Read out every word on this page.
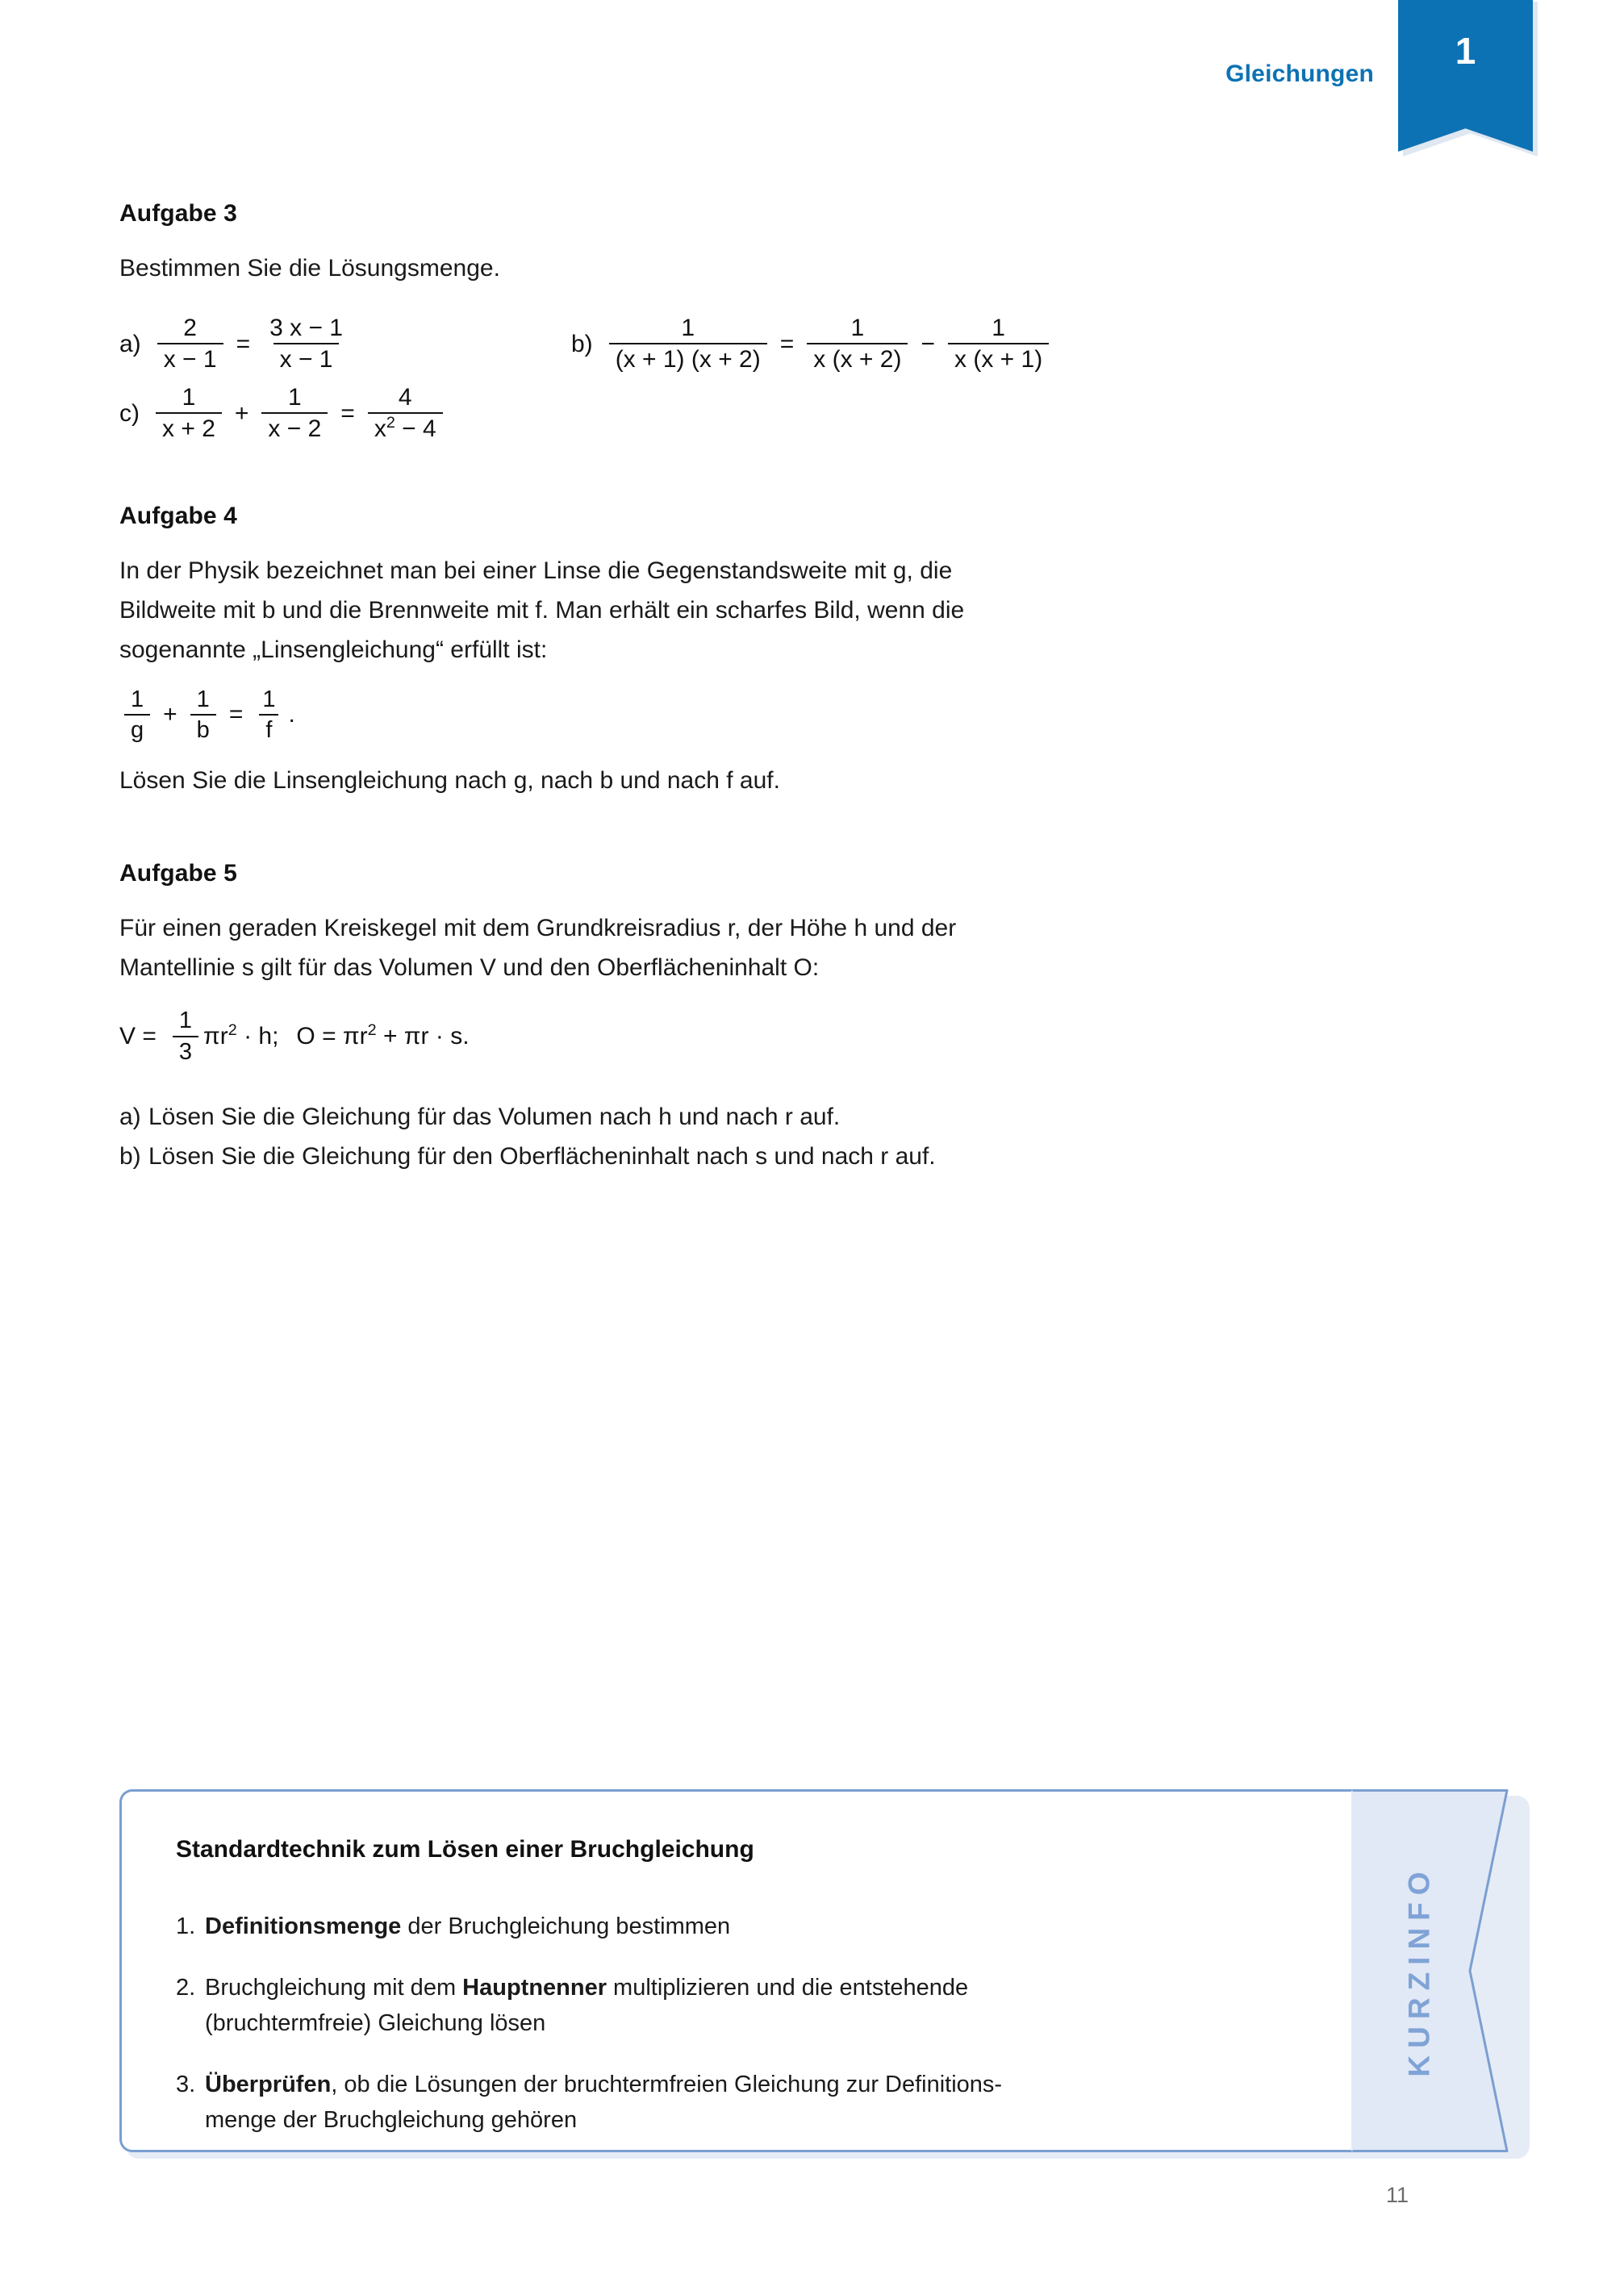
Gleichungen
1
Aufgabe 3

Bestimmen Sie die Lösungsmenge.

$a) \frac{2}{x - 1} = \frac{3 x - 1}{x - 1}$	$b) \frac{1}{(x + 1) (x + 2)} = \frac{1}{x (x + 2)} - \frac{1}{x (x + 1)}$
$c) \frac{1}{x + 2} + \frac{1}{x - 2} = \frac{4}{x^2 - 4}$
Aufgabe 4

In der Physik bezeichnet man bei einer Linse die Gegenstandsweite mit g, die

Bildweite mit b und die Brennweite mit f. Man erhält ein scharfes Bild, wenn die

sogenannte „Linsengleichung“ erfüllt ist:

$\frac{1}{g} + \frac{1}{b} = \frac{1}{f}$ .

Lösen Sie die Linsengleichung nach g, nach b und nach f auf.

Aufgabe 5

Für einen geraden Kreiskegel mit dem Grundkreisradius r, der Höhe h und der

Mantellinie s gilt für das Volumen V und den Oberflächeninhalt O:

$V = \frac{1}{3} \pi r^2 \cdot h$; $O = \pi r^2 + \pi r \cdot s$.
a) Lösen Sie die Gleichung für das Volumen nach h und nach r auf.
b) Lösen Sie die Gleichung für den Oberflächeninhalt nach s und nach r auf.
KURZINFO
Standardtechnik zum Lösen einer Bruchgleichung
1. Definitionsmenge der Bruchgleichung bestimmen
2. Bruchgleichung mit dem Hauptnenner multiplizieren und die entstehende
(bruchtermfreie) Gleichung lösen
3. Überprüfen, ob die Lösungen der bruchtermfreien Gleichung zur Definitions-
menge der Bruchgleichung gehören
11
